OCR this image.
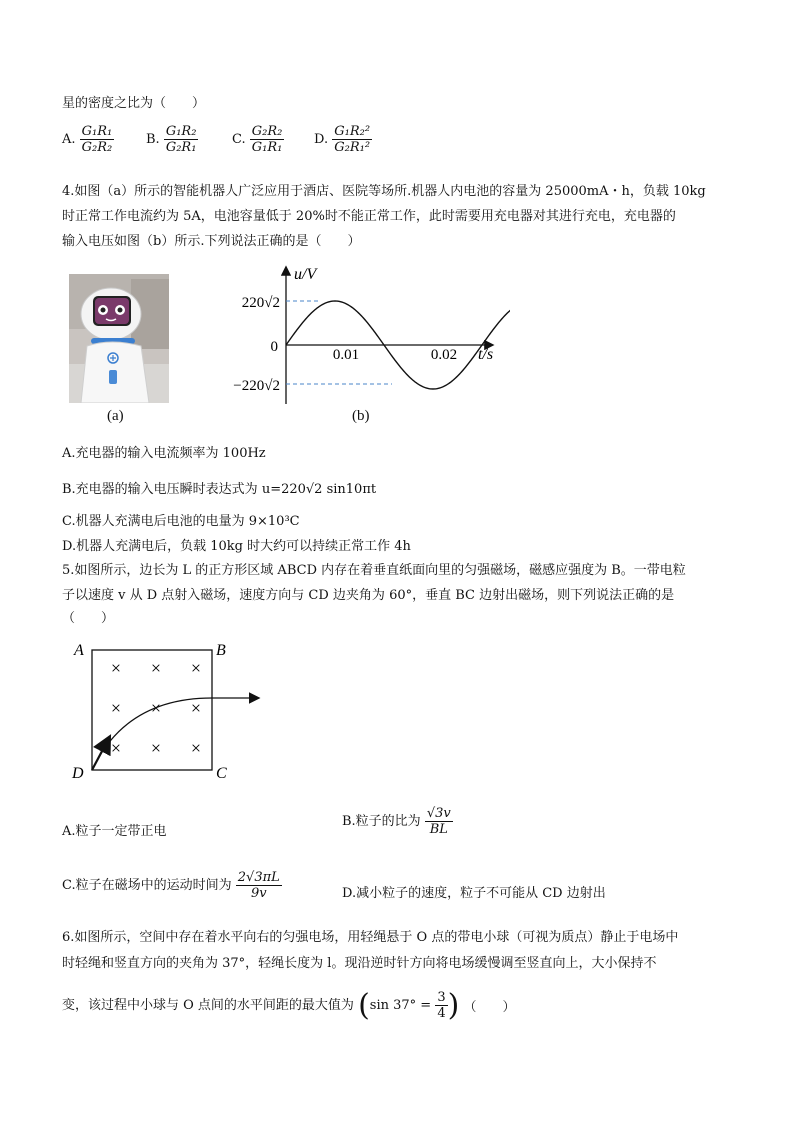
星的密度之比为（　　）
A. $\frac{\text{G₁R₁}}{\text{G₂R₂}} B$. $\frac{\text{G₁R₂}}{\text{G₂R₁}}$	C. $\frac{\text{G₂R₂}}{\text{G₁R₁}} D$. $\frac{\text{G₁R₂²}}{\text{G₂R₁²}}$
4.如图（a）所示的智能机器人广泛应用于酒店、医院等场所.机器人内电池的容量为 25000mA・h，负载 10kg
时正常工作电流约为 5A，电池容量低于 20%时不能正常工作，此时需要用充电器对其进行充电，充电器的
输入电压如图（b）所示.下列说法正确的是（　　）
(a)
u/V
220√2
−220√2
0	0.01	0.02 t/s
(b)
A.充电器的输入电流频率为 100Hz
B.充电器的输入电压瞬时表达式为 u=220√2 sin10πt
C.机器人充满电后电池的电量为 9×10³C
D.机器人充满电后，负载 10kg 时大约可以持续正常工作 4h
5.如图所示，边长为 L 的正方形区域 ABCD 内存在着垂直纸面向里的匀强磁场，磁感应强度为 B。一带电粒
子以速度 v 从 D 点射入磁场，速度方向与 CD 边夹角为 60°，垂直 BC 边射出磁场，则下列说法正确的是
（　　）
× × ×
× × ×
× × ×
A	B
C
D
A.粒子一定带正电
B.粒子的比为 $\frac{√3v}{BL}$
C.粒子在磁场中的运动时间为 $\frac{2√3\pi L}{9v}$	D.减小粒子的速度，粒子不可能从 CD 边射出
6.如图所示，空间中存在着水平向右的匀强电场，用轻绳悬于 O 点的带电小球（可视为质点）静止于电场中
时轻绳和竖直方向的夹角为 37°，轻绳长度为 l。现沿逆时针方向将电场缓慢调至竖直向上，大小保持不
变，该过程中小球与 O 点间的水平间距的最大值为 (sin $37^\circ = \frac{3}{4}$ ) （　　）
